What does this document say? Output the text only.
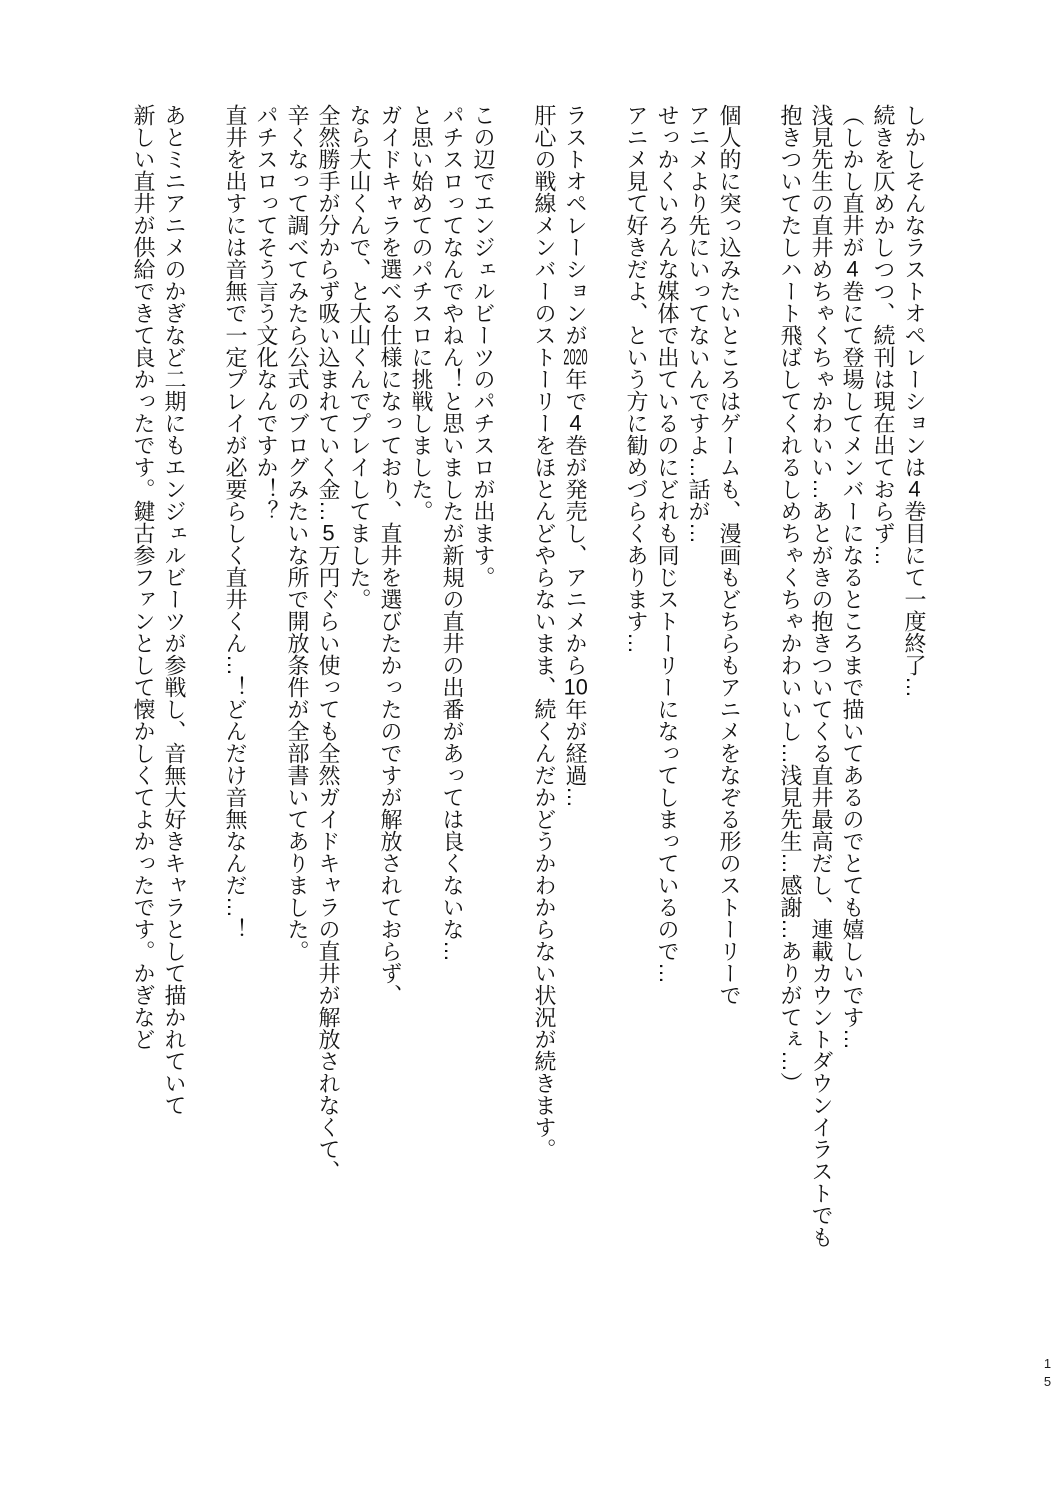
しかしそんなラストオペレーションは4巻目にて一度終了…

続きを仄めかしつつ、続刊は現在出ておらず…

（しかし直井が4巻にて登場してメンバーになるところまで描いてあるのでとても嬉しいです…

浅見先生の直井めちゃくちゃかわいい…あとがきの抱きついてくる直井最高だし、連載カウントダウンイラストでも

抱きついてたしハート飛ばしてくれるしめちゃくちゃかわいいし…浅見先生…感謝…ありがてぇ…）

個人的に突っ込みたいところはゲームも、漫画もどちらもアニメをなぞる形のストーリーで

アニメより先にいってないんですよ…話が…

せっかくいろんな媒体で出ているのにどれも同じストーリーになってしまっているので…

アニメ見て好きだよ、という方に勧めづらくあります…

ラストオペレーションが2020年で4巻が発売し、アニメから10年が経過…

肝心の戦線メンバーのストーリーをほとんどやらないまま、続くんだかどうかわからない状況が続きます。

この辺でエンジェルビーツのパチスロが出ます。

パチスロってなんでやねん！と思いましたが新規の直井の出番があっては良くないな…

と思い始めてのパチスロに挑戦しました。

ガイドキャラを選べる仕様になっており、直井を選びたかったのですが解放されておらず、

なら大山くんで、と大山くんでプレイしてました。

全然勝手が分からず吸い込まれていく金…5万円ぐらい使っても全然ガイドキャラの直井が解放されなくて、

辛くなって調べてみたら公式のブログみたいな所で開放条件が全部書いてありました。

パチスロってそう言う文化なんですか！？

直井を出すには音無で一定プレイが必要らしく直井くん…！どんだけ音無なんだ…！

あとミニアニメのかぎなど二期にもエンジェルビーツが参戦し、音無大好きキャラとして描かれていて

新しい直井が供給できて良かったです。鍵古参ファンとして懐かしくてよかったです。かぎなど

15
